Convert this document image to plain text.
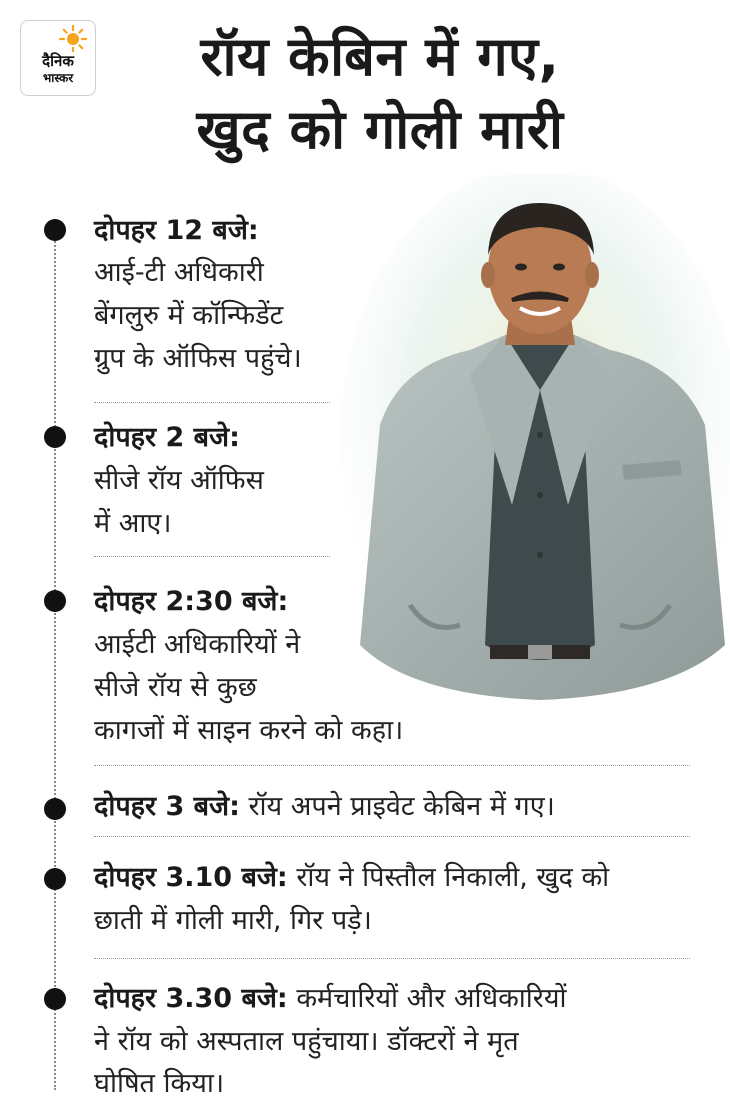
दैनिक
भास्कर	रॉय केबिन में गए,
खुद को गोली मारी
दोपहर 12 बजे:
आई-टी अधिकारी
बेंगलुरु में कॉन्फिडेंट
ग्रुप के ऑफिस पहुंचे।
दोपहर 2 बजे:
सीजे रॉय ऑफिस
में आए।
दोपहर 2:30 बजे:
आईटी अधिकारियों ने
सीजे रॉय से कुछ
कागजों में साइन करने को कहा।
दोपहर 3 बजे: रॉय अपने प्राइवेट केबिन में गए।
दोपहर 3.10 बजे: रॉय ने पिस्तौल निकाली, खुद को
छाती में गोली मारी, गिर पड़े।
दोपहर 3.30 बजे: कर्मचारियों और अधिकारियों
ने रॉय को अस्पताल पहुंचाया। डॉक्टरों ने मृत
घोषित किया।
